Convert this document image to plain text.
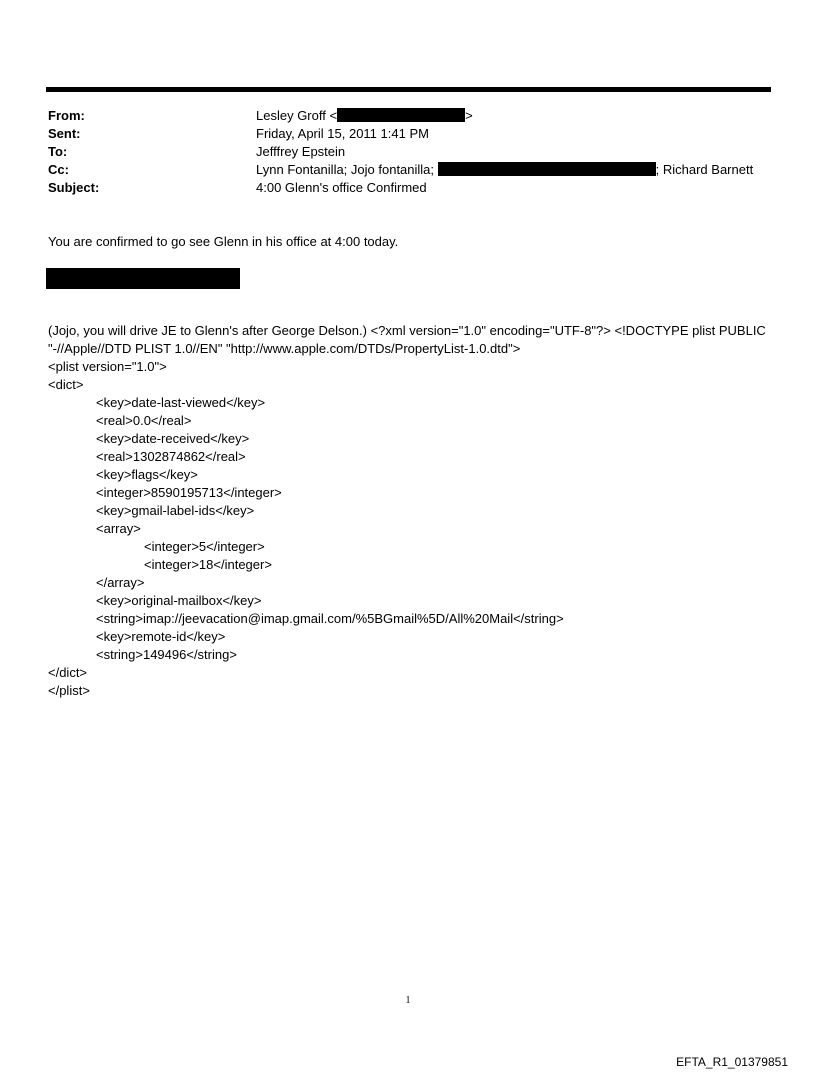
From:	Lesley Groff <	>
Sent:	Friday, April 15, 2011 1:41 PM
To:	Jefffrey Epstein
Cc:	Lynn Fontanilla; Jojo fontanilla;	; Richard Barnett
Subject:	4:00 Glenn's office Confirmed
You are confirmed to go see Glenn in his office at 4:00 today.
(Jojo, you will drive JE to Glenn's after George Delson.) <?xml version="1.0" encoding="UTF-8"?> <!DOCTYPE plist PUBLIC
"-//Apple//DTD PLIST 1.0//EN" "http://www.apple.com/DTDs/PropertyList-1.0.dtd">
<plist version="1.0">
<dict>
<key>date-last-viewed</key>
<real>0.0</real>
<key>date-received</key>
<real>1302874862</real>
<key>flags</key>
<integer>8590195713</integer>
<key>gmail-label-ids</key>
<array>
<integer>5</integer>
<integer>18</integer>
</array>
<key>original-mailbox</key>
<string>imap://jeevacation@imap.gmail.com/%5BGmail%5D/All%20Mail</string>
<key>remote-id</key>
<string>149496</string>
</dict>
</plist>
1
EFTA_R1_01379851
